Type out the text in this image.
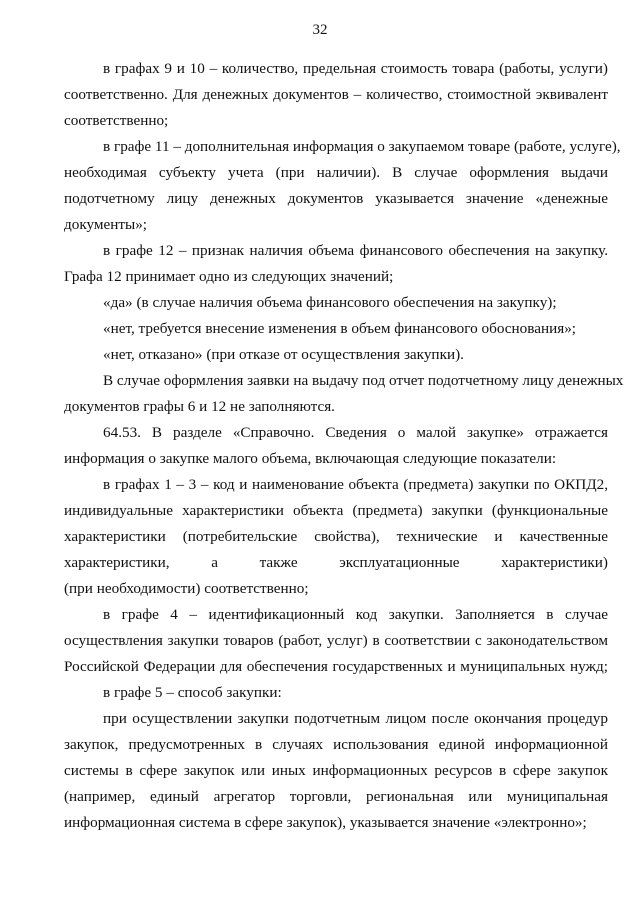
32
в графах 9 и 10 – количество, предельная стоимость товара (работы, услуги)
соответственно. Для денежных документов – количество, стоимостной эквивалент
соответственно;
в графе 11 – дополнительная информация о закупаемом товаре (работе, услуге),
необходимая субъекту учета (при наличии). В случае оформления выдачи
подотчетному лицу денежных документов указывается значение «денежные
документы»;
в графе 12 – признак наличия объема финансового обеспечения на закупку.
Графа 12 принимает одно из следующих значений;
«да» (в случае наличия объема финансового обеспечения на закупку);
«нет, требуется внесение изменения в объем финансового обоснования»;
«нет, отказано» (при отказе от осуществления закупки).
В случае оформления заявки на выдачу под отчет подотчетному лицу денежных
документов графы 6 и 12 не заполняются.
64.53. В разделе «Справочно. Сведения о малой закупке» отражается
информация о закупке малого объема, включающая следующие показатели:
в графах 1 – 3 – код и наименование объекта (предмета) закупки по ОКПД2,
индивидуальные характеристики объекта (предмета) закупки (функциональные
характеристики (потребительские свойства), технические и качественные
характеристики, а также эксплуатационные характеристики)
(при необходимости) соответственно;
в графе 4 – идентификационный код закупки. Заполняется в случае
осуществления закупки товаров (работ, услуг) в соответствии с законодательством
Российской Федерации для обеспечения государственных и муниципальных нужд;
в графе 5 – способ закупки:
при осуществлении закупки подотчетным лицом после окончания процедур
закупок, предусмотренных в случаях использования единой информационной
системы в сфере закупок или иных информационных ресурсов в сфере закупок
(например, единый агрегатор торговли, региональная или муниципальная
информационная система в сфере закупок), указывается значение «электронно»;
